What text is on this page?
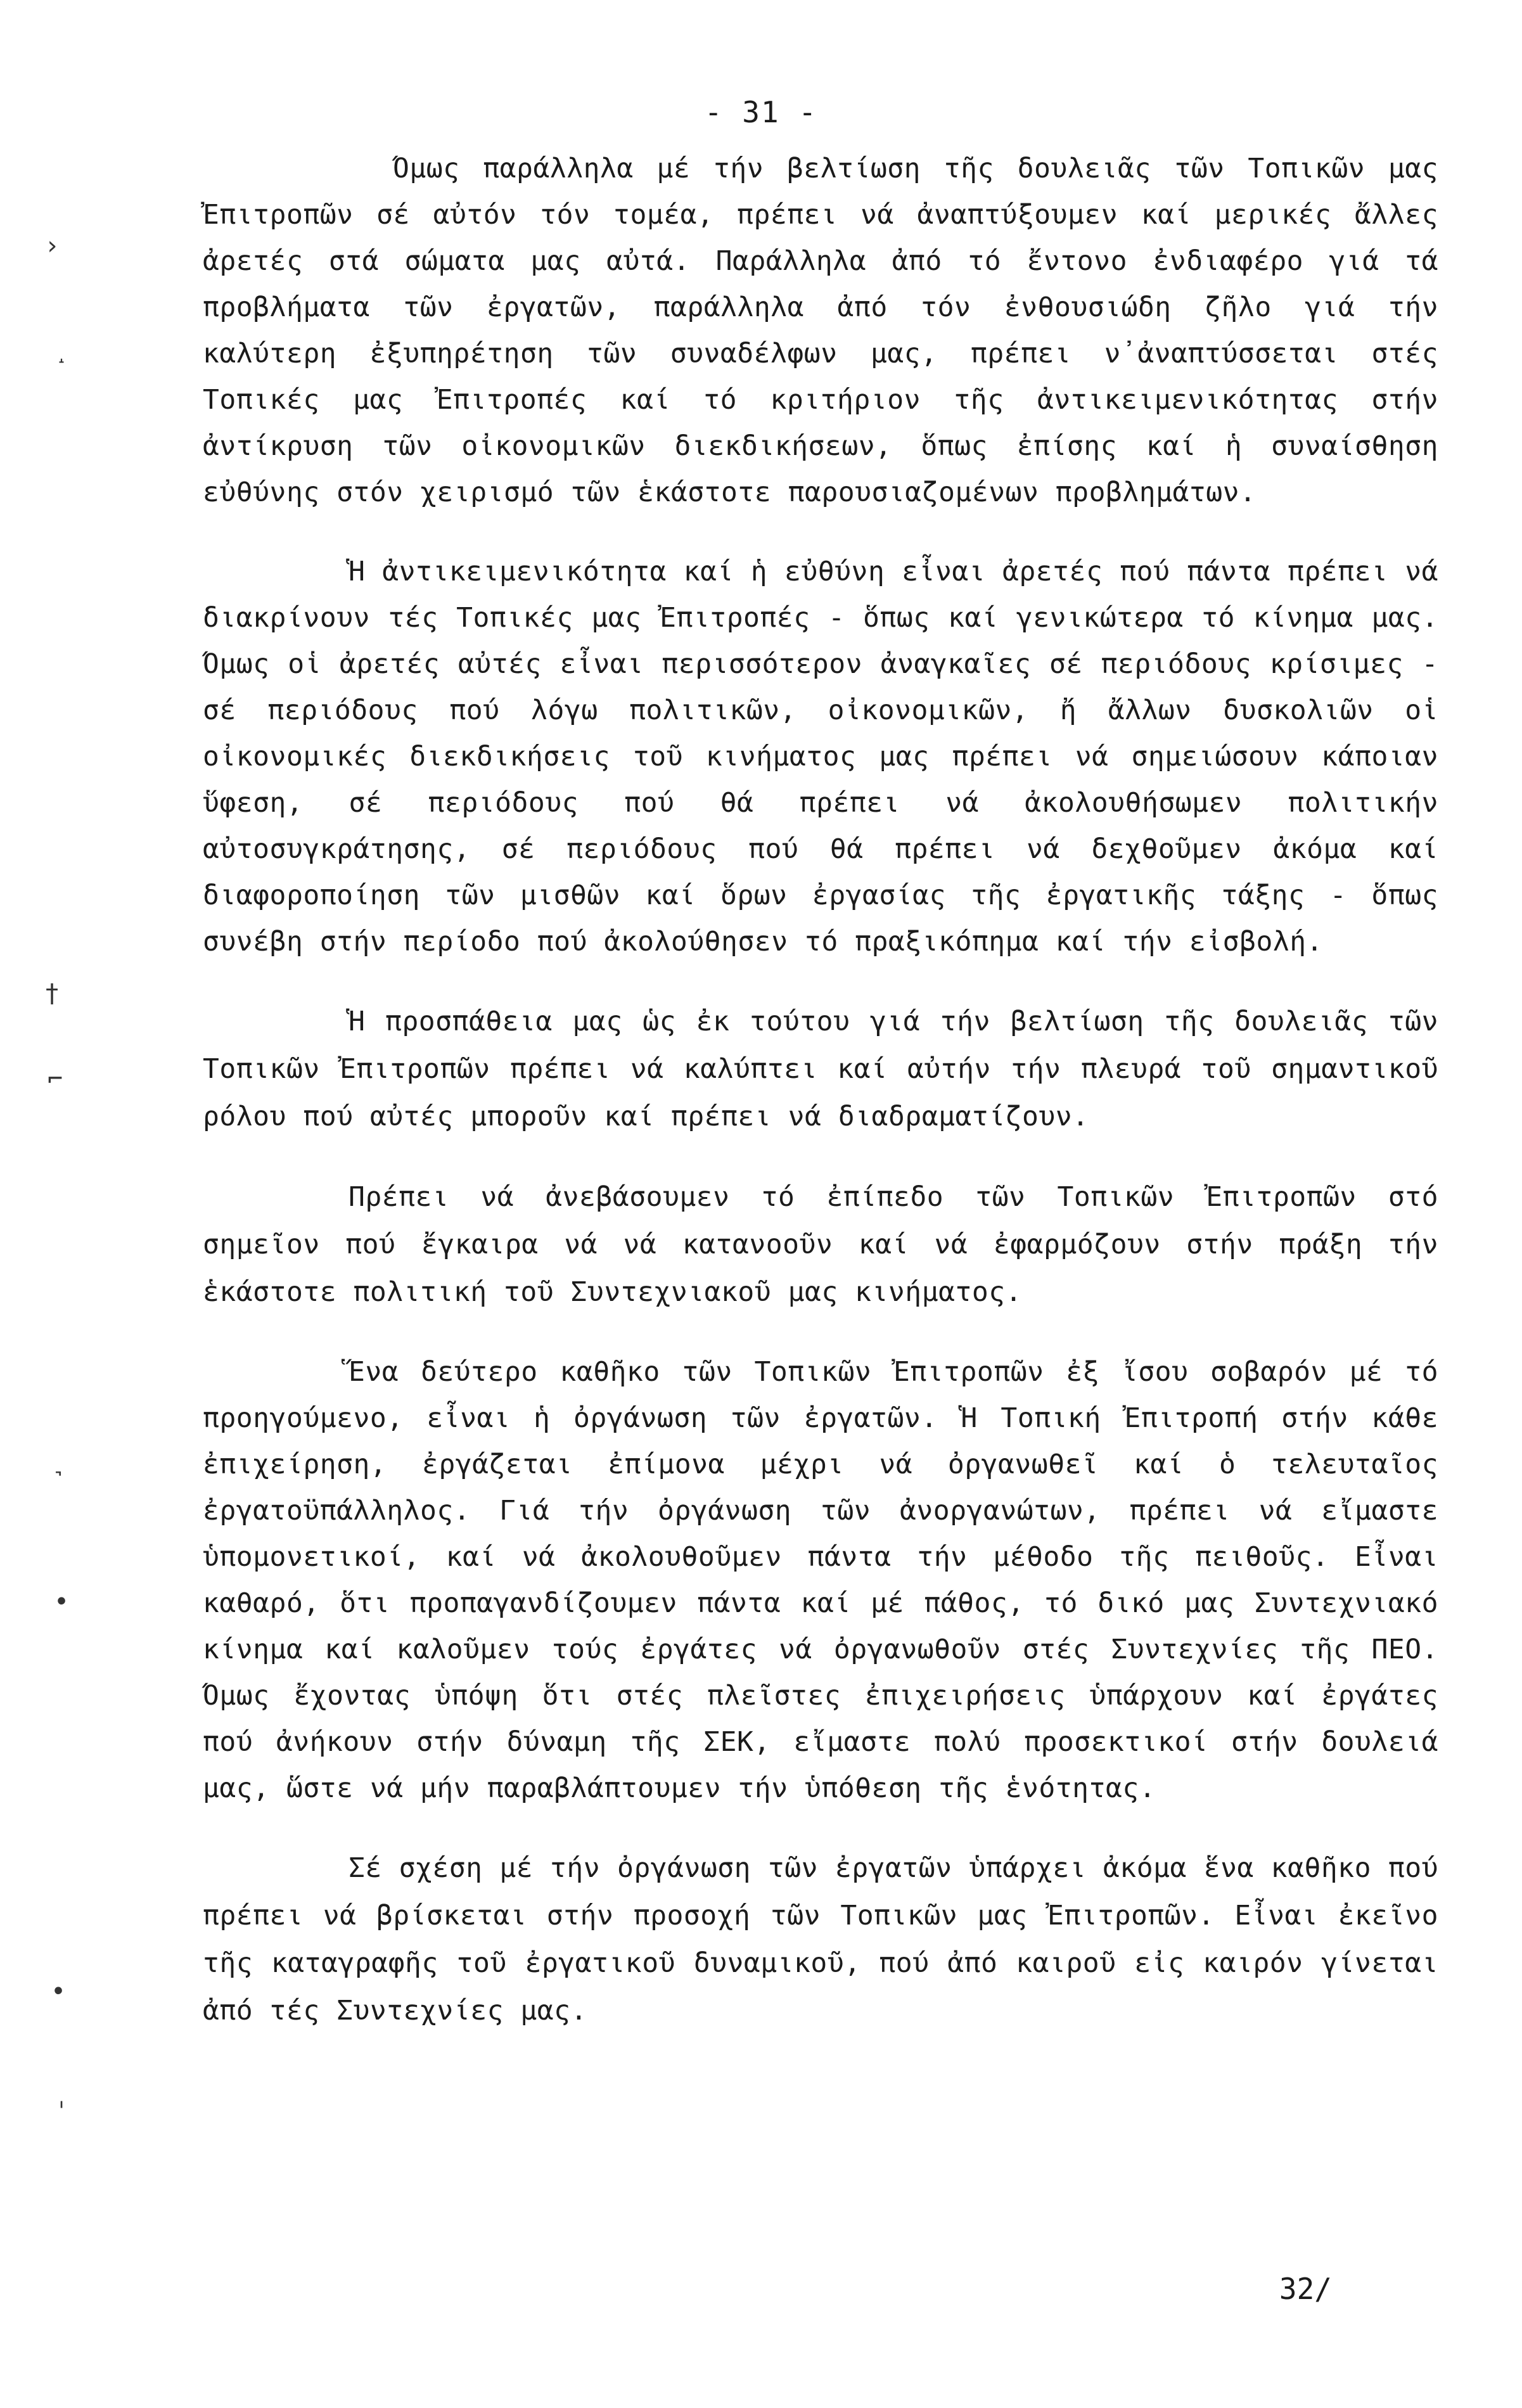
- 31 -

Όμως παράλληλα μέ τήν βελτίωση τῆς δουλειᾶς τῶν Τοπικῶν μας Ἐπιτροπῶν σέ αὐτόν τόν τομέα, πρέπει νά ἀναπτύξουμεν καί μερικές ἄλλες ἀρετές στά σώματα μας αὐτά. Παράλληλα ἀπό τό ἔντονο ἐνδιαφέρο γιά τά προβλήματα τῶν ἐργατῶν, παράλληλα ἀπό τόν ἐνθουσιώδη ζῆλο γιά τήν καλύτερη ἐξυπηρέτηση τῶν συναδέλφων μας, πρέπει ν᾽ἀναπτύσσεται στές Τοπικές μας Ἐπιτροπές καί τό κριτήριον τῆς ἀντικειμενικότητας στήν ἀντίκρυση τῶν οἰκονομικῶν διεκδικήσεων, ὅπως ἐπίσης καί ἡ συναίσθηση εὐθύνης στόν χειρισμό τῶν ἑκάστοτε παρουσιαζομένων προβλημάτων.

Ἡ ἀντικειμενικότητα καί ἡ εὐθύνη εἶναι ἀρετές πού πάντα πρέπει νά διακρίνουν τές Τοπικές μας Ἐπιτροπές - ὅπως καί γενικώτερα τό κίνημα μας. Όμως οἱ ἀρετές αὐτές εἶναι περισσότερον ἀναγκαῖες σέ περιόδους κρίσιμες - σέ περιόδους πού λόγω πολιτικῶν, οἰκονομικῶν, ἤ ἄλλων δυσκολιῶν οἱ οἰκονομικές διεκδικήσεις τοῦ κινήματος μας πρέπει νά σημειώσουν κάποιαν ὕφεση, σέ περιόδους πού θά πρέπει νά ἀκολουθήσωμεν πολιτικήν αὐτοσυγκράτησης, σέ περιόδους πού θά πρέπει νά δεχθοῦμεν ἀκόμα καί διαφοροποίηση τῶν μισθῶν καί ὅρων ἐργασίας τῆς ἐργατικῆς τάξης - ὅπως συνέβη στήν περίοδο πού ἀκολούθησεν τό πραξικόπημα καί τήν εἰσβολή.

Ἡ προσπάθεια μας ὡς ἐκ τούτου γιά τήν βελτίωση τῆς δουλειᾶς τῶν Τοπικῶν Ἐπιτροπῶν πρέπει νά καλύπτει καί αὐτήν τήν πλευρά τοῦ σημαντικοῦ ρόλου πού αὐτές μποροῦν καί πρέπει νά διαδραματίζουν.

Πρέπει νά ἀνεβάσουμεν τό ἐπίπεδο τῶν Τοπικῶν Ἐπιτροπῶν στό σημεῖον πού ἔγκαιρα νά νά κατανοοῦν καί νά ἐφαρμόζουν στήν πράξη τήν ἑκάστοτε πολιτική τοῦ Συντεχνιακοῦ μας κινήματος.

Ἕνα δεύτερο καθῆκο τῶν Τοπικῶν Ἐπιτροπῶν ἐξ ἴσου σοβαρόν μέ τό προηγούμενο, εἶναι ἡ ὀργάνωση τῶν ἐργατῶν. Ἡ Τοπική Ἐπιτροπή στήν κάθε ἐπιχείρηση, ἐργάζεται ἐπίμονα μέχρι νά ὀργανωθεῖ καί ὁ τελευταῖος ἐργατοϋπάλληλος. Γιά τήν ὀργάνωση τῶν ἀνοργανώτων, πρέπει νά εἴμαστε ὑπομονετικοί, καί νά ἀκολουθοῦμεν πάντα τήν μέθοδο τῆς πειθοῦς. Εἶναι καθαρό, ὅτι προπαγανδίζουμεν πάντα καί μέ πάθος, τό δικό μας Συντεχνιακό κίνημα καί καλοῦμεν τούς ἐργάτες νά ὀργανωθοῦν στές Συντεχνίες τῆς ΠΕΟ. Όμως ἔχοντας ὑπόψη ὅτι στές πλεῖστες ἐπιχειρήσεις ὑπάρχουν καί ἐργάτες πού ἀνήκουν στήν δύναμη τῆς ΣΕΚ, εἴμαστε πολύ προσεκτικοί στήν δουλειά μας, ὥστε νά μήν παραβλάπτουμεν τήν ὑπόθεση τῆς ἑνότητας.

Σέ σχέση μέ τήν ὀργάνωση τῶν ἐργατῶν ὑπάρχει ἀκόμα ἕνα καθῆκο πού πρέπει νά βρίσκεται στήν προσοχή τῶν Τοπικῶν μας Ἐπιτροπῶν. Εἶναι ἐκεῖνο τῆς καταγραφῆς τοῦ ἐργατικοῦ δυναμικοῦ, πού ἀπό καιροῦ εἰς καιρόν γίνεται ἀπό τές Συντεχνίες μας.

32/
›
˔
†
⌐
˺
•
•
ˈ
